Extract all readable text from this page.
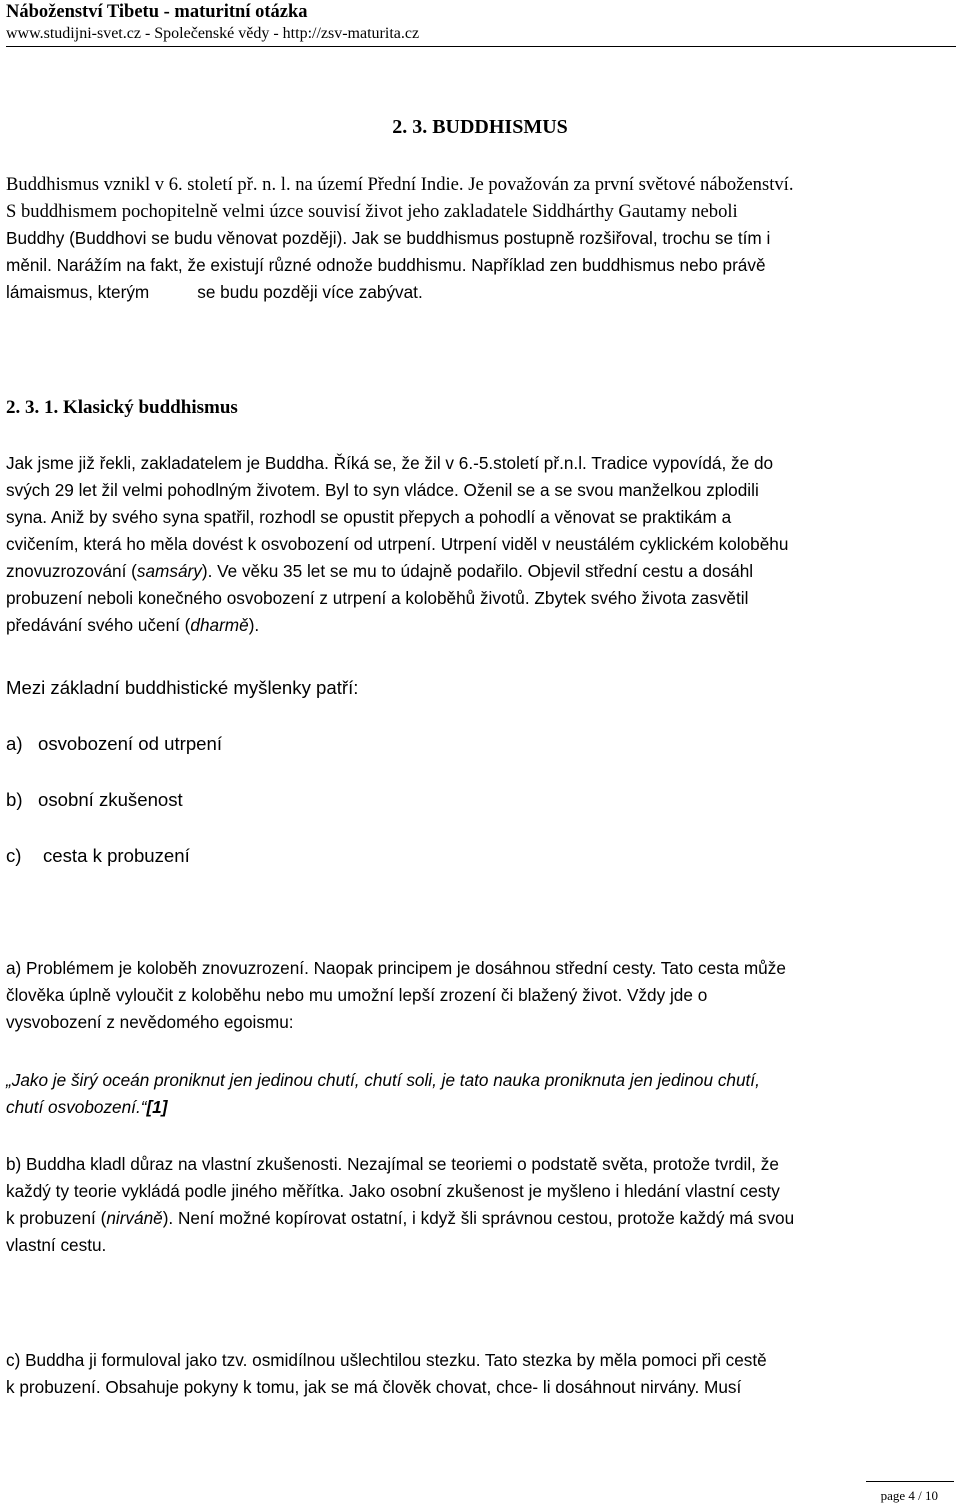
Náboženství Tibetu - maturitní otázka
www.studijni-svet.cz - Společenské vědy - http://zsv-maturita.cz
2. 3. BUDDHISMUS
Buddhismus vznikl v 6. století př. n. l. na území Přední Indie. Je považován za první světové náboženství.
S buddhismem pochopitelně velmi úzce souvisí život jeho zakladatele Siddhárthy Gautamy neboli
Buddhy (Buddhovi se budu věnovat později). Jak se buddhismus postupně rozšiřoval, trochu se tím i
měnil. Narážím na fakt, že existují různé odnože buddhismu. Například zen buddhismus nebo právě
lámaismus, kterým	se budu později více zabývat.
2. 3. 1. Klasický buddhismus
Jak jsme již řekli, zakladatelem je Buddha. Říká se, že žil v 6.-5.století př.n.l. Tradice vypovídá, že do
svých 29 let žil velmi pohodlným životem. Byl to syn vládce. Oženil se a se svou manželkou zplodili
syna. Aniž by svého syna spatřil, rozhodl se opustit přepych a pohodlí a věnovat se praktikám a
cvičením, která ho měla dovést k osvobození od utrpení. Utrpení viděl v neustálém cyklickém koloběhu
znovuzrozování (samsáry). Ve věku 35 let se mu to údajně podařilo. Objevil střední cestu a dosáhl
probuzení neboli konečného osvobození z utrpení a koloběhů životů. Zbytek svého života zasvětil
předávání svého učení (dharmě).
Mezi základní buddhistické myšlenky patří:
a) osvobození od utrpení
b) osobní zkušenost
c) cesta k probuzení
a) Problémem je koloběh znovuzrození. Naopak principem je dosáhnou střední cesty. Tato cesta může
člověka úplně vyloučit z koloběhu nebo mu umožní lepší zrození či blažený život. Vždy jde o
vysvobození z nevědomého egoismu:
„Jako je širý oceán proniknut jen jedinou chutí, chutí soli, je tato nauka proniknuta jen jedinou chutí,
chutí osvobození.“[1]
b) Buddha kladl důraz na vlastní zkušenosti. Nezajímal se teoriemi o podstatě světa, protože tvrdil, že
každý ty teorie vykládá podle jiného měřítka. Jako osobní zkušenost je myšleno i hledání vlastní cesty
k probuzení (nirváně). Není možné kopírovat ostatní, i když šli správnou cestou, protože každý má svou
vlastní cestu.
c) Buddha ji formuloval jako tzv. osmidílnou ušlechtilou stezku. Tato stezka by měla pomoci při cestě
k probuzení. Obsahuje pokyny k tomu, jak se má člověk chovat, chce- li dosáhnout nirvány. Musí
page 4 / 10
